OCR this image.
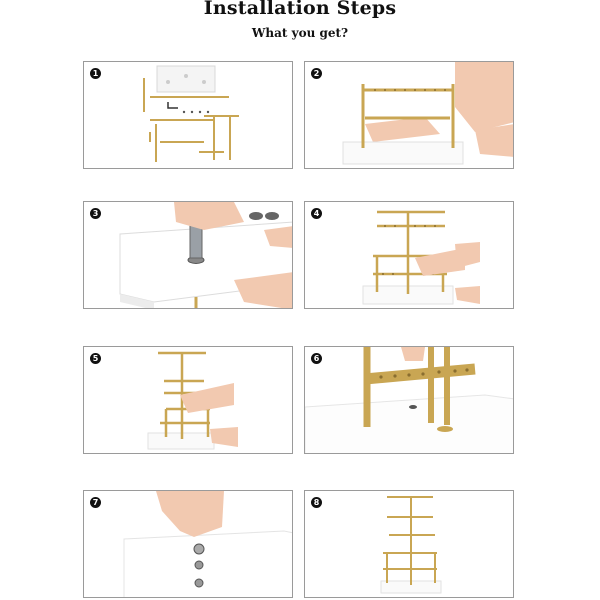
Installation Steps
What you get?
1	2
3	4
5	6
7	8
